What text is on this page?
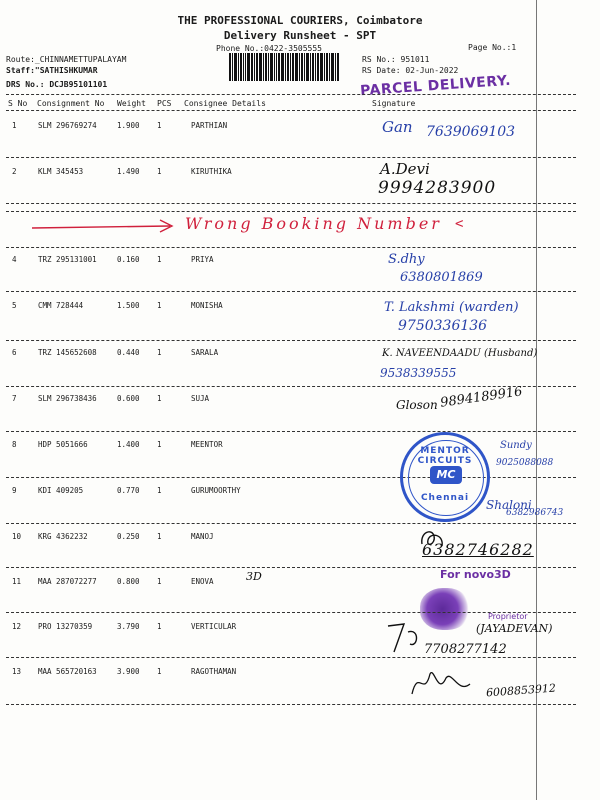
THE PROFESSIONAL COURIERS, Coimbatore
Delivery Runsheet - SPT
Phone No.:0422-3505555	Page No.:1
Route:_CHINNAMETTUPALAYAM
Staff:"SATHISHKUMAR
DRS No.: DCJB95101101
RS No.: 951011
RS Date: 02-Jun-2022
PARCEL DELIVERY.
S No Consignment No Weight PCS Consignee Details	Signature
1	SLM 296769274	1.900 1	PARTHIAN	Gan 7639069103
2	KLM 345453	1.490 1	KIRUTHIKA	A.Devi
9994283900
Wrong Booking Number <
4	TRZ 295131001	0.160 1	PRIYA	S.dhy
6380801869
5	CMM 728444	1.500 1	MONISHA	T. Lakshmi (warden)
9750336136
6	TRZ 145652608	0.440 1	SARALA	K. NAVEENDAADU (Husband)
9538339555
7	SLM 296738436	0.600 1	SUJA	Gloson 9894189916
8	HDP 5051666	1.400 1	MEENTOR	Sundy
9025088088
9	KDI 409205	0.770 1	GURUMOORTHY
Shaloni
6382986743
MENTOR CIRCUITS
MC
Chennai
10 KRG 4362232	0.250 1	MANOJ
6382746282
11 MAA 287072277	0.800 1	ENOVA	3D	For novo3D
12 PRO 13270359	3.790 1	VERTICULAR
Proprietor
(JAYADEVAN)
7708277142
13 MAA 565720163	3.900 1	RAGOTHAMAN
6008853912
